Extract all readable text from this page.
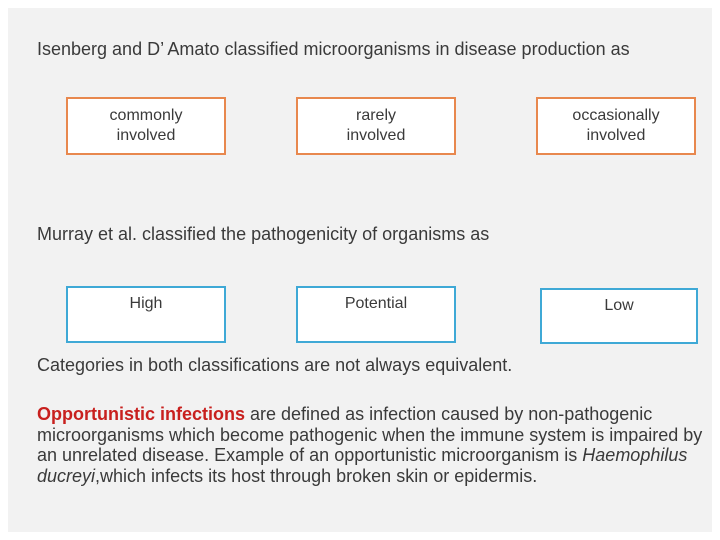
Isenberg and D’ Amato classified microorganisms in disease production as
commonly
involved
rarely
involved
occasionally
involved
Murray et al. classified the pathogenicity of organisms as
High	Potential	Low
Categories in both classifications are not always equivalent.
Opportunistic infections are defined as infection caused by non-pathogenic microorganisms which become pathogenic when the immune system is impaired by an unrelated disease. Example of an opportunistic microorganism is Haemophilus ducreyi,which infects its host through broken skin or epidermis.
